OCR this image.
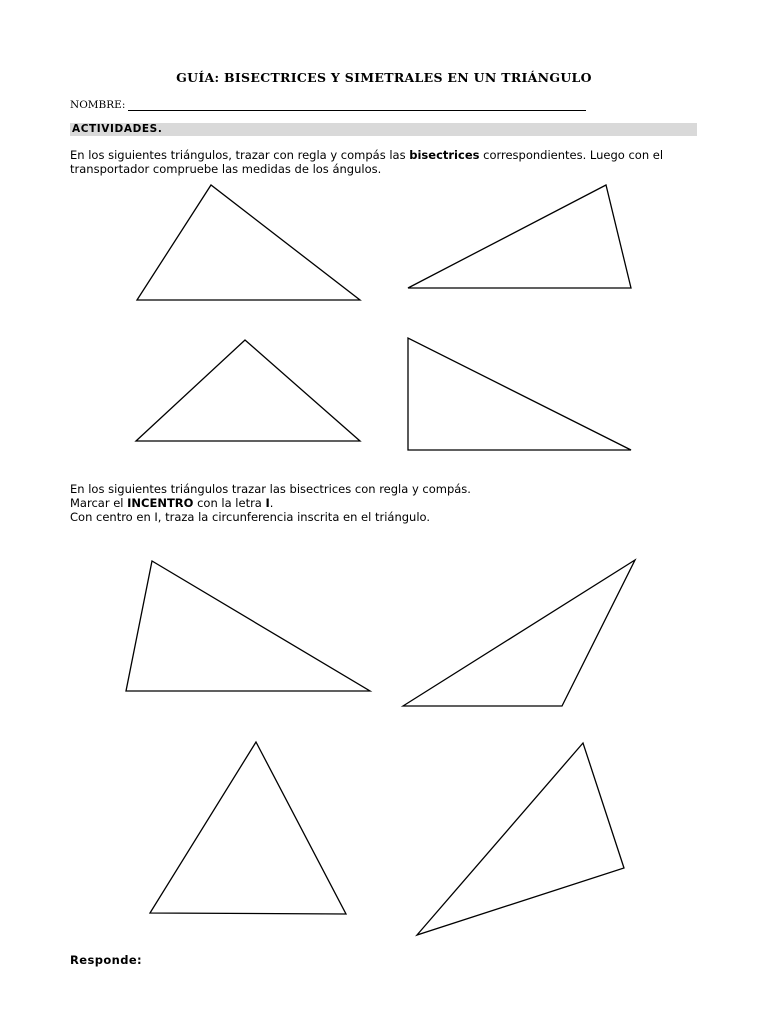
GUÍA: BISECTRICES Y SIMETRALES EN UN TRIÁNGULO
NOMBRE:
ACTIVIDADES.
En los siguientes triángulos, trazar con regla y compás las bisectrices correspondientes. Luego con el transportador compruebe las medidas de los ángulos.
En los siguientes triángulos trazar las bisectrices con regla y compás.
Marcar el INCENTRO con la letra I.
Con centro en I, traza la circunferencia inscrita en el triángulo.
Responde:
